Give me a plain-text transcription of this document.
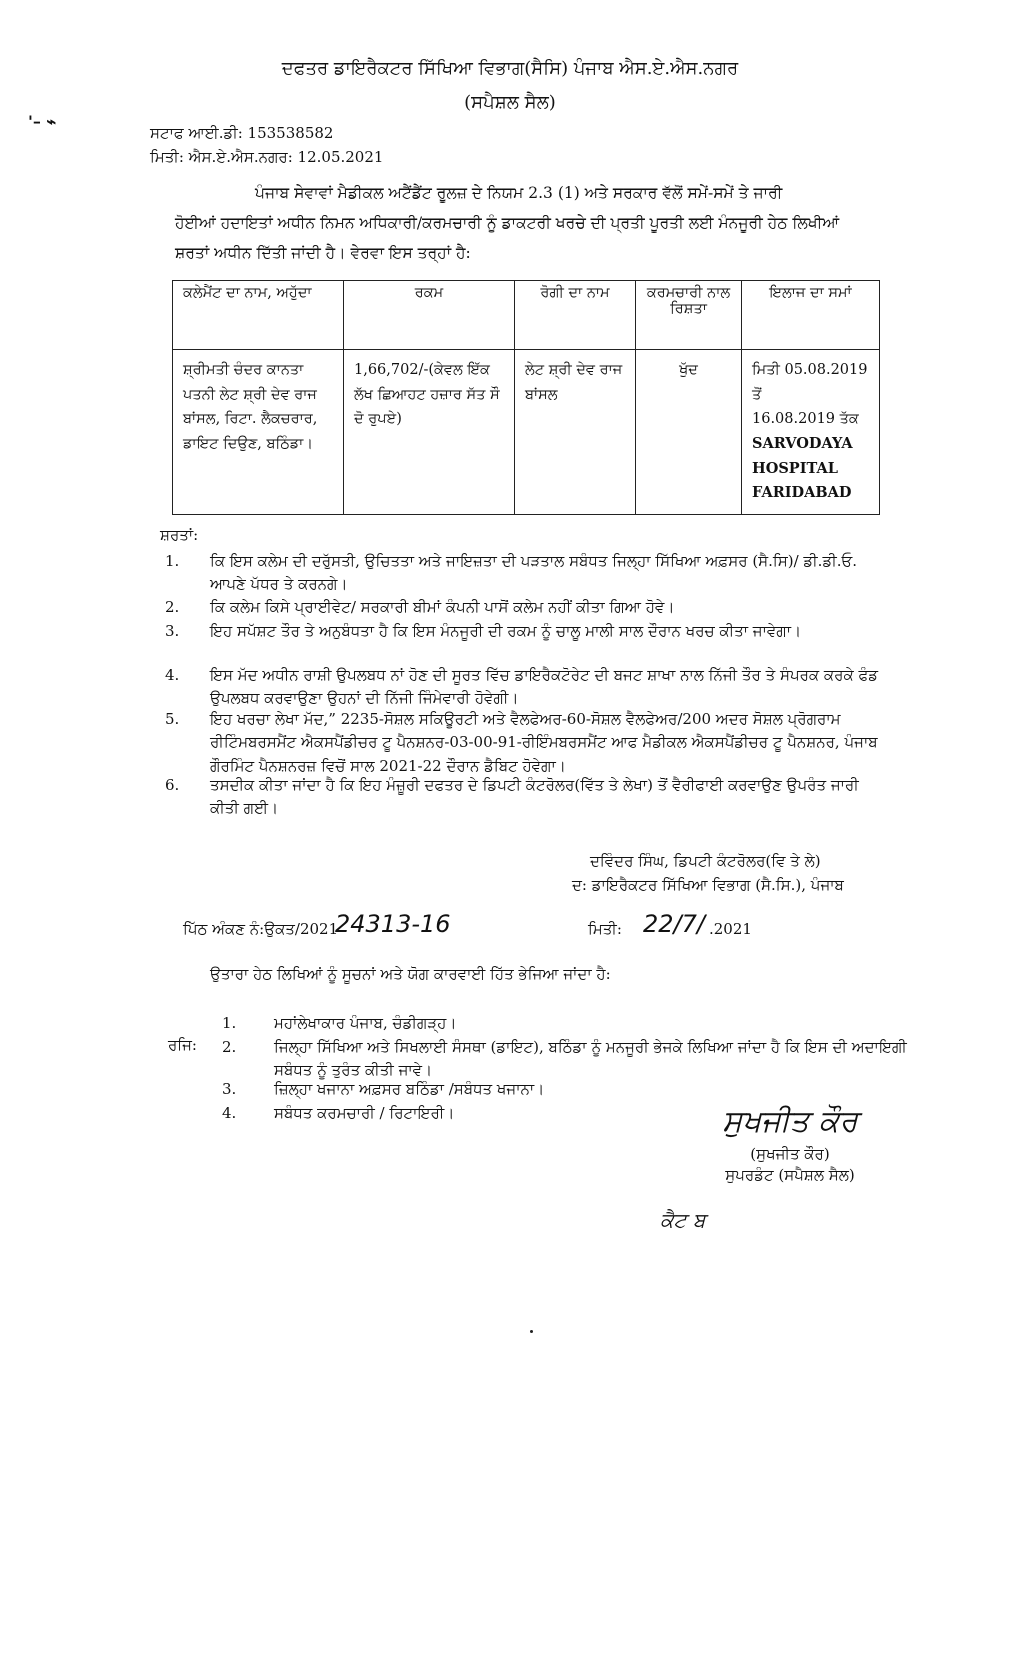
ਦਫਤਰ ਡਾਇਰੈਕਟਰ ਸਿੱਖਿਆ ਵਿਭਾਗ(ਸੈਸਿ) ਪੰਜਾਬ ਐਸ.ਏ.ਐਸ.ਨਗਰ
(ਸਪੈਸ਼ਲ ਸੈਲ)
'– ⌁
ਸਟਾਫ ਆਈ.ਡੀ: 153538582
ਮਿਤੀ: ਐਸ.ਏ.ਐਸ.ਨਗਰ: 12.05.2021

ਪੰਜਾਬ ਸੇਵਾਵਾਂ ਮੈਡੀਕਲ ਅਟੈਂਡੈਂਟ ਰੂਲਜ਼ ਦੇ ਨਿਯਮ 2.3 (1) ਅਤੇ ਸਰਕਾਰ ਵੱਲੋਂ ਸਮੇਂ-ਸਮੇਂ ਤੇ ਜਾਰੀ

ਹੋਈਆਂ ਹਦਾਇਤਾਂ ਅਧੀਨ ਨਿਮਨ ਅਧਿਕਾਰੀ/ਕਰਮਚਾਰੀ ਨੂੰ ਡਾਕਟਰੀ ਖਰਚੇ ਦੀ ਪ੍ਰਤੀ ਪੂਰਤੀ ਲਈ ਮੰਨਜੂਰੀ ਹੇਠ ਲਿਖੀਆਂ

ਸ਼ਰਤਾਂ ਅਧੀਨ ਦਿੱਤੀ ਜਾਂਦੀ ਹੈ। ਵੇਰਵਾ ਇਸ ਤਰ੍ਹਾਂ ਹੈ:

ਕਲੇਮੈਂਟ ਦਾ ਨਾਮ, ਅਹੁੱਦਾ	ਰਕਮ	ਰੋਗੀ ਦਾ ਨਾਮ	ਕਰਮਚਾਰੀ ਨਾਲ ਰਿਸ਼ਤਾ	ਇਲਾਜ ਦਾ ਸਮਾਂ
ਸ਼੍ਰੀਮਤੀ ਚੰਦਰ ਕਾਨਤਾ ਪਤਨੀ ਲੇਟ ਸ਼੍ਰੀ ਦੇਵ ਰਾਜ ਬਾਂਸਲ, ਰਿਟਾ. ਲੈਕਚਰਾਰ, ਡਾਇਟ ਦਿਉਣ, ਬਠਿੰਡਾ।	1,66,702/-(ਕੇਵਲ ਇੱਕ ਲੱਖ ਛਿਆਹਟ ਹਜ਼ਾਰ ਸੱਤ ਸੌ ਦੋ ਰੁਪਏ)	ਲੇਟ ਸ਼੍ਰੀ ਦੇਵ ਰਾਜ ਬਾਂਸਲ	ਖੁੱਦ	ਮਿਤੀ 05.08.2019 ਤੋਂ
16.08.2019 ਤੱਕ
SARVODAYA
HOSPITAL
FARIDABAD
ਸ਼ਰਤਾਂ:
1.	ਕਿ ਇਸ ਕਲੇਮ ਦੀ ਦਰੁੱਸਤੀ, ਉਚਿਤਤਾ ਅਤੇ ਜਾਇਜ਼ਤਾ ਦੀ ਪੜਤਾਲ ਸਬੰਧਤ ਜਿਲ੍ਹਾ ਸਿੱਖਿਆ ਅਫ਼ਸਰ (ਸੈ.ਸਿ)/ ਡੀ.ਡੀ.ਓ. ਆਪਣੇ ਪੱਧਰ ਤੇ ਕਰਨਗੇ।
2.	ਕਿ ਕਲੇਮ ਕਿਸੇ ਪ੍ਰਾਈਵੇਟ/ ਸਰਕਾਰੀ ਬੀਮਾਂ ਕੰਪਨੀ ਪਾਸੋਂ ਕਲੇਮ ਨਹੀਂ ਕੀਤਾ ਗਿਆ ਹੋਵੇ।
3.	ਇਹ ਸਪੱਸ਼ਟ ਤੌਰ ਤੇ ਅਨੁਬੰਧਤਾ ਹੈ ਕਿ ਇਸ ਮੰਨਜੂਰੀ ਦੀ ਰਕਮ ਨੂੰ ਚਾਲੂ ਮਾਲੀ ਸਾਲ ਦੌਰਾਨ ਖਰਚ ਕੀਤਾ ਜਾਵੇਗਾ।
4.	ਇਸ ਮੱਦ ਅਧੀਨ ਰਾਸ਼ੀ ਉਪਲਬਧ ਨਾਂ ਹੋਣ ਦੀ ਸੂਰਤ ਵਿੱਚ ਡਾਇਰੈਕਟੋਰੇਟ ਦੀ ਬਜਟ ਸ਼ਾਖਾ ਨਾਲ ਨਿੱਜੀ ਤੌਰ ਤੇ ਸੰਪਰਕ ਕਰਕੇ ਫੰਡ ਉਪਲਬਧ ਕਰਵਾਉਣਾ ਉਹਨਾਂ ਦੀ ਨਿੱਜੀ ਜਿੰਮੇਵਾਰੀ ਹੋਵੇਗੀ।
5.	ਇਹ ਖਰਚਾ ਲੇਖਾ ਮੱਦ,” 2235-ਸੋਸ਼ਲ ਸਕਿਊਰਟੀ ਅਤੇ ਵੈਲਫੇਅਰ-60-ਸੋਸ਼ਲ ਵੈਲਫੇਅਰ/200 ਅਦਰ ਸੋਸ਼ਲ ਪ੍ਰੋਗਰਾਮ ਰੀਟਿੰਮਬਰਸਮੈਂਟ ਐਕਸਪੈਂਡੀਚਰ ਟੂ ਪੈਨਸ਼ਨਰ-03-00-91-ਰੀਇੰਮਬਰਸਮੈਂਟ ਆਫ ਮੈਡੀਕਲ ਐਕਸਪੈਂਡੀਚਰ ਟੂ ਪੈਨਸ਼ਨਰ, ਪੰਜਾਬ ਗੌਰਮਿੰਟ ਪੈਨਸ਼ਨਰਜ਼ ਵਿਚੋਂ ਸਾਲ 2021-22 ਦੌਰਾਨ ਡੈਬਿਟ ਹੋਵੇਗਾ।
6.	ਤਸਦੀਕ ਕੀਤਾ ਜਾਂਦਾ ਹੈ ਕਿ ਇਹ ਮੰਜ਼ੂਰੀ ਦਫਤਰ ਦੇ ਡਿਪਟੀ ਕੰਟਰੋਲਰ(ਵਿੱਤ ਤੇ ਲੇਖਾ) ਤੋਂ ਵੈਰੀਫਾਈ ਕਰਵਾਉਣ ਉਪਰੰਤ ਜਾਰੀ ਕੀਤੀ ਗਈ।
ਦਵਿੰਦਰ ਸਿੰਘ, ਡਿਪਟੀ ਕੰਟਰੋਲਰ(ਵਿ ਤੇ ਲੇ)
ਦ: ਡਾਇਰੈਕਟਰ ਸਿੱਖਿਆ ਵਿਭਾਗ (ਸੈ.ਸਿ.), ਪੰਜਾਬ
ਪਿੱਠ ਅੰਕਣ ਨੰ:ਉਕਤ/2021
24313-16	ਮਿਤੀ: 22/7/ .2021
ਉਤਾਰਾ ਹੇਠ ਲਿਖਿਆਂ ਨੂੰ ਸੂਚਨਾਂ ਅਤੇ ਯੋਗ ਕਾਰਵਾਈ ਹਿੱਤ ਭੇਜਿਆ ਜਾਂਦਾ ਹੈ:
ਰਜਿ:
1.	ਮਹਾਂਲੇਖਾਕਾਰ ਪੰਜਾਬ, ਚੰਡੀਗੜ੍ਹ।
2.	ਜਿਲ੍ਹਾ ਸਿੱਖਿਆ ਅਤੇ ਸਿਖਲਾਈ ਸੰਸਥਾ (ਡਾਇਟ), ਬਠਿੰਡਾ ਨੂੰ ਮਨਜੂਰੀ ਭੇਜਕੇ ਲਿਖਿਆ ਜਾਂਦਾ ਹੈ ਕਿ ਇਸ ਦੀ ਅਦਾਇਗੀ ਸਬੰਧਤ ਨੂੰ ਤੁਰੰਤ ਕੀਤੀ ਜਾਵੇ।
3.	ਜ਼ਿਲ੍ਹਾ ਖਜਾਨਾ ਅਫ਼ਸਰ ਬਠਿੰਡਾ /ਸਬੰਧਤ ਖਜਾਨਾ।
4.	ਸਬੰਧਤ ਕਰਮਚਾਰੀ / ਰਿਟਾਇਰੀ।	ਸੁਖਜੀਤ ਕੌਰ
(ਸੁਖਜੀਤ ਕੌਰ)
ਸੁਪਰਡੰਟ (ਸਪੈਸ਼ਲ ਸੈਲ)
ਕੈਟ ਬ
